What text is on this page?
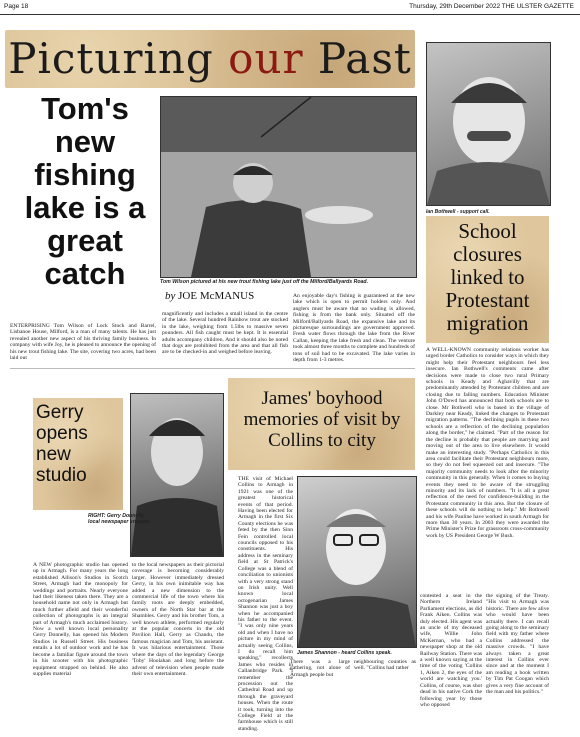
Page 18	Thursday, 29th December 2022 THE ULSTER GAZETTE
Picturing our Past
Tom's new fishing lake is a great catch	Tom Wilson pictured at his new trout fishing lake just off the Milford/Ballyards Road.
by JOE McMANUS
ENTERPRISING Tom Wilson of Lock Stock and Barrel, Lisbanoe House, Milford, is a man of many talents. He has just revealed another new aspect of his thriving family business. In company with wife Joy, he is pleased to announce the opening of his new trout fishing lake. The site, covering two acres, had been laid out
magnificently and includes a small island in the centre of the lake. Several hundred Rainbow trout are stocked in the lake, weighing from 1.5lbs to massive seven pounders. All fish caught must be kept. It is essential adults accompany children. And it should also be noted that dogs are prohibited from the area and that all fish are to be checked-in and weighed before leaving.
An enjoyable day's fishing is guaranteed at the new lake which is open to permit holders only. And anglers must be aware that no wading is allowed, fishing is from the bank only. Situated off the Milford/Ballyards Road, the expansive lake and its picturesque surroundings are government approved. Fresh water flows through the lake from the River Callan, keeping the lake fresh and clean. The venture took almost three months to complete and hundreds of tons of soil had to be excavated. The lake varies in depth from 1-3 metres.
Ian Bothwell - support call.
School closures linked to Protestant migration
A WELL-KNOWN community relations worker has urged border Catholics to consider ways in which they might help their Protestant neighbours feel less insecure. Ian Bothwell's comments came after decisions were made to close two rural Primary schools in Keady and Aghavilly that are predominantly attended by Protestant children and are closing due to falling numbers. Education Minister John O'Dowd has announced that both schools are to close. Mr Bothwell who is based in the village of Darkley near Keady, linked the changes to Protestant migration patterns. "The declining pupils in these two schools are a reflection of the declining population along the border," he claimed. "Part of the reason for the decline is probably that people are marrying and moving out of the area to live elsewhere. It would make an interesting study. "Perhaps Catholics in this area could facilitate their Protestant neighbours more, so they do not feel squeezed out and insecure. "The majority community needs to look after the minority community in this generally. When it comes to buying events they need to be aware of the struggling minority and its lack of numbers. "It is all a great reflection of the need for confidence-building in the Protestant community in this area. But the closure of these schools will do nothing to help." Mr Bothwell and his wife Pauline have worked in south Armagh for more than 30 years. In 2003 they were awarded the Prime Minister's Prize for grassroots cross-community work by US President George W Bush.
Gerry opens new studio
RIGHT: Gerry Donnelly - local newspaper snapper.
A NEW photographic studio has opened up in Armagh. For many years the long established Allison's Studios in Scotch Street, Armagh had the monopoly for weddings and portraits. Nearly everyone had their likeness taken there. They are a household name not only in Armagh but much further afield and their wonderful collection of photographs is an integral part of Armagh's much acclaimed history. Now a well known local personality Gerry Donnelly, has opened his Modern Studios in Russell Street. His business entails a lot of outdoor work and he has become a familiar figure around the town in his scooter with his photographic equipment strapped on behind. He also supplies material
to the local newspapers as their pictorial coverage is becoming considerably larger. However immediately dressed Gerry, in his own inimitable way has added a new dimension to the commercial life of the town where his family roots are deeply embedded, owners of the North Star bar at the Shambles. Gerry and his brother Tom, a well known athlete, performed regularly at the popular concerts in the old Pavilion Hall, Gerry as Chandu, the famous magician and Tom, his assistant. It was hilarious entertainment. Those where the days of the legendary George 'Toby' Hoolahan and long before the advent of television when people made their own entertainment.
James' boyhood memories of visit by Collins to city
THE visit of Michael Collins to Armagh in 1921 was one of the greatest historical events of that period. Having been elected for Armagh in the first Six County elections he was feted by the then Sinn Fein controlled local councils opposed to his constituents. His address in the seminary field at St Patrick's College was a blend of conciliation to unionists with a very strong stand on Irish unity. Well known local octogenarian James Shannon was just a boy when he accompanied his father to the event. "I was only nine years old and when I have no picture in my mind of actually seeing Collins, I do recall him speaking," recollects James who resides in Callanbridge Park. "I remember the procession out the Cathedral Road and up through the graveyard houses. When the route it took, turning into the College Field at the farmhouse which is still standing.
James Shannon - heard Collins speak.
There was a large gathering, not alone of Armagh people but
neighbouring counties as well. "Collins had rather
contested a seat in the Northern Ireland Parliament elections, as did Frank Aiken. Collins was duly elected. His agent was an uncle of my deceased wife, Willie John McKernan, who had a newspaper shop at the old Railway Station. There was a well known saying at the time of the voting 'Collins 1, Aiken 2, the eyes of the world are watching you.' Collins, of course, was shot dead in his native Cork the following year by those who opposed
the signing of the Treaty. "His visit to Armagh was historic. There are few alive who would have been actually there. I can recall going along to the seminary field with my father where Collins addressed the massive crowds. "I have always taken a great interest in Collins ever since and at the moment I am reading a book written by Tim Pat Coogan which gives a very fine account of the man and his politics."
